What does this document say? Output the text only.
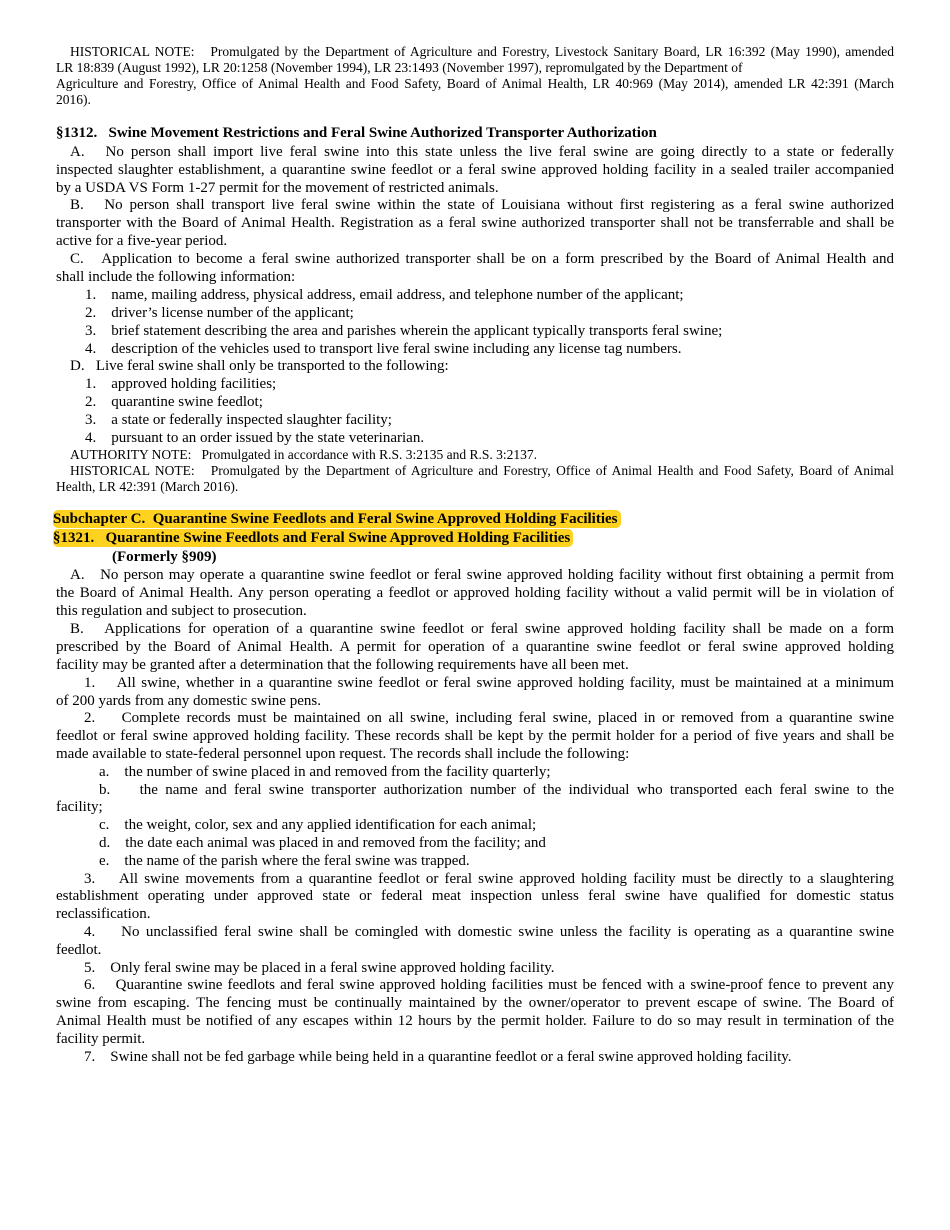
HISTORICAL NOTE:   Promulgated by the Department of Agriculture and Forestry, Livestock Sanitary Board, LR 16:392 (May 1990), amended
LR 18:839 (August 1992), LR 20:1258 (November 1994), LR 23:1493 (November 1997), repromulgated by the Department of
Agriculture and Forestry, Office of Animal Health and Food Safety, Board of Animal Health, LR 40:969 (May 2014), amended LR 42:391 (March
2016).
§1312.   Swine Movement Restrictions and Feral Swine Authorized Transporter Authorization
A.   No person shall import live feral swine into this state unless the live feral swine are going directly to a state or federally
inspected slaughter establishment, a quarantine swine feedlot or a feral swine approved holding facility in a sealed trailer accompanied
by a USDA VS Form 1-27 permit for the movement of restricted animals.
B.   No person shall transport live feral swine within the state of Louisiana without first registering as a feral swine authorized
transporter with the Board of Animal Health. Registration as a feral swine authorized transporter shall not be transferrable and shall be
active for a five-year period.
C.   Application to become a feral swine authorized transporter shall be on a form prescribed by the Board of Animal Health and
shall include the following information:
1.    name, mailing address, physical address, email address, and telephone number of the applicant;
2.    driver’s license number of the applicant;
3.    brief statement describing the area and parishes wherein the applicant typically transports feral swine;
4.    description of the vehicles used to transport live feral swine including any license tag numbers.
D.   Live feral swine shall only be transported to the following:
1.    approved holding facilities;
2.    quarantine swine feedlot;
3.    a state or federally inspected slaughter facility;
4.    pursuant to an order issued by the state veterinarian.
AUTHORITY NOTE:   Promulgated in accordance with R.S. 3:2135 and R.S. 3:2137.
HISTORICAL NOTE:   Promulgated by the Department of Agriculture and Forestry, Office of Animal Health and Food Safety, Board of Animal
Health, LR 42:391 (March 2016).
Subchapter C.  Quarantine Swine Feedlots and Feral Swine Approved Holding Facilities
§1321.   Quarantine Swine Feedlots and Feral Swine Approved Holding Facilities
(Formerly §909)
A.   No person may operate a quarantine swine feedlot or feral swine approved holding facility without first obtaining a permit from
the Board of Animal Health. Any person operating a feedlot or approved holding facility without a valid permit will be in violation of
this regulation and subject to prosecution.
B.   Applications for operation of a quarantine swine feedlot or feral swine approved holding facility shall be made on a form
prescribed by the Board of Animal Health. A permit for operation of a quarantine swine feedlot or feral swine approved holding
facility may be granted after a determination that the following requirements have all been met.
1.    All swine, whether in a quarantine swine feedlot or feral swine approved holding facility, must be maintained at a minimum
of 200 yards from any domestic swine pens.
2.    Complete records must be maintained on all swine, including feral swine, placed in or removed from a quarantine swine
feedlot or feral swine approved holding facility. These records shall be kept by the permit holder for a period of five years and shall be
made available to state-federal personnel upon request. The records shall include the following:
a.    the number of swine placed in and removed from the facility quarterly;
b.    the name and feral swine transporter authorization number of the individual who transported each feral swine to the
facility;
c.    the weight, color, sex and any applied identification for each animal;
d.    the date each animal was placed in and removed from the facility; and
e.    the name of the parish where the feral swine was trapped.
3.    All swine movements from a quarantine feedlot or feral swine approved holding facility must be directly to a slaughtering
establishment operating under approved state or federal meat inspection unless feral swine have qualified for domestic status
reclassification.
4.    No unclassified feral swine shall be comingled with domestic swine unless the facility is operating as a quarantine swine
feedlot.
5.    Only feral swine may be placed in a feral swine approved holding facility.
6.    Quarantine swine feedlots and feral swine approved holding facilities must be fenced with a swine-proof fence to prevent any
swine from escaping. The fencing must be continually maintained by the owner/operator to prevent escape of swine. The Board of
Animal Health must be notified of any escapes within 12 hours by the permit holder. Failure to do so may result in termination of the
facility permit.
7.    Swine shall not be fed garbage while being held in a quarantine feedlot or a feral swine approved holding facility.
